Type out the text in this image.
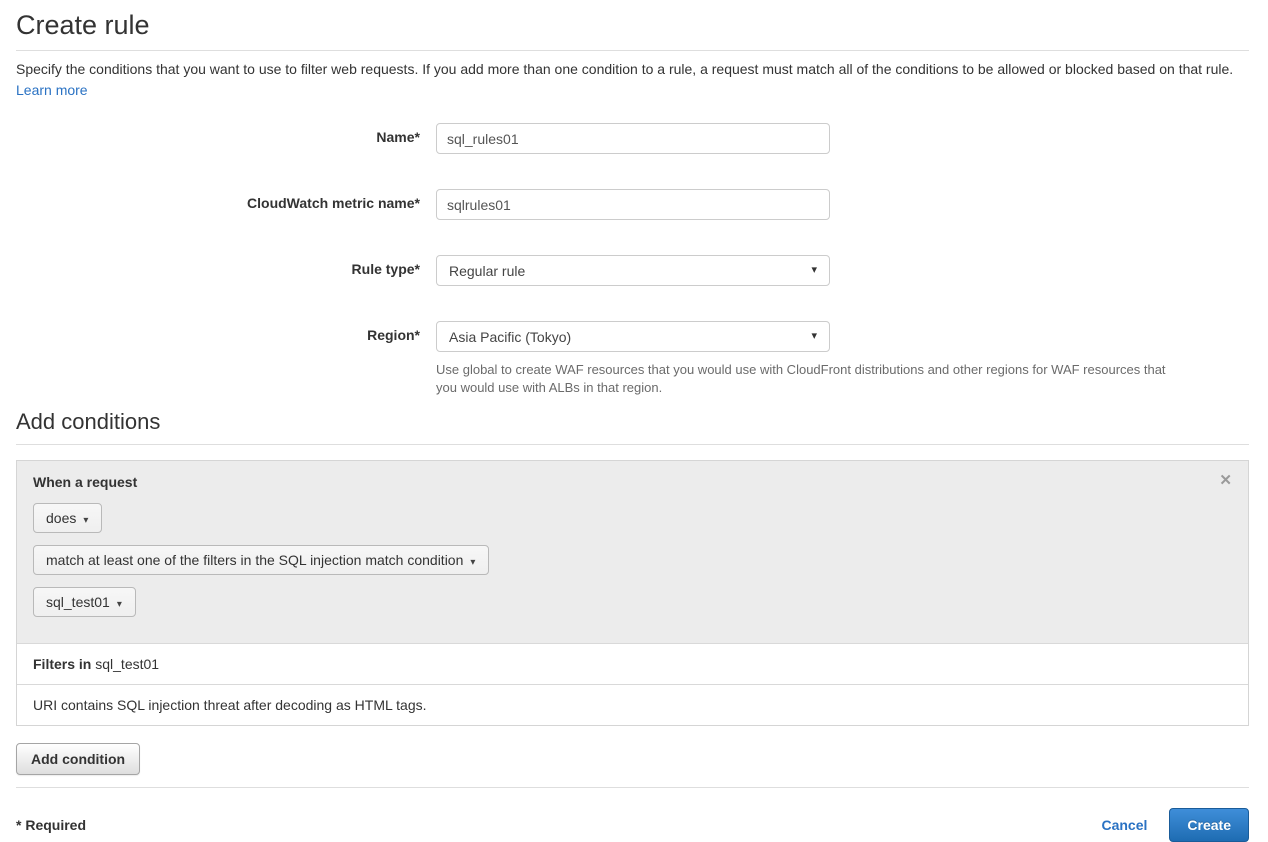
Create rule

Specify the conditions that you want to use to filter web requests. If you add more than one condition to a rule, a request must match all of the conditions to be allowed or blocked based on that rule. Learn more

Name*
sql_rules01
CloudWatch metric name*
sqlrules01
Rule type*	Regular rule	▾
Region*	Asia Pacific (Tokyo)	▾
Use global to create WAF resources that you would use with CloudFront distributions and other regions for WAF resources that you would use with ALBs in that region.
Add conditions
When a request
does ▾
match at least one of the filters in the SQL injection match condition ▾
sql_test01 ▾
✕
Filters in sql_test01
URI contains SQL injection threat after decoding as HTML tags.
Add condition
* Required	Cancel	Create
